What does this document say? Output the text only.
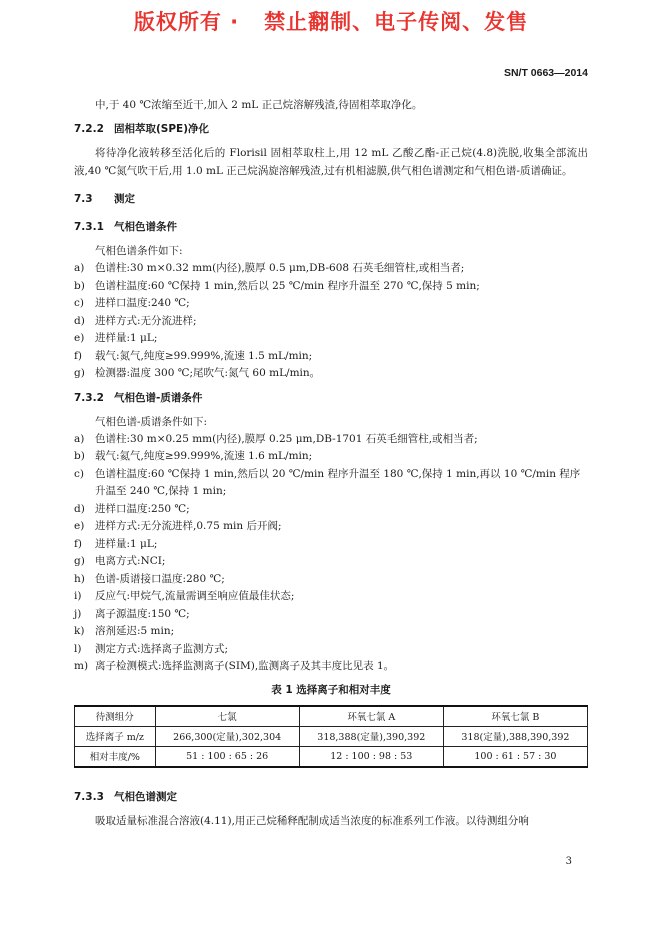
版权所有 ·   禁止翻制、电子传阅、发售
SN/T 0663—2014

中,于 40 ℃浓缩至近干,加入 2 mL 正己烷溶解残渣,待固相萃取净化。

7.2.2 固相萃取(SPE)净化

将待净化液转移至活化后的 Florisil 固相萃取柱上,用 12 mL 乙酸乙酯-正己烷(4.8)洗脱,收集全部流出液,40 ℃氮气吹干后,用 1.0 mL 正己烷涡旋溶解残渣,过有机相滤膜,供气相色谱测定和气相色谱-质谱确证。

7.3 测定

7.3.1 气相色谱条件

气相色谱条件如下:

a)	色谱柱:30 m×0.32 mm(内径),膜厚 0.5 μm,DB-608 石英毛细管柱,或相当者;
b) 色谱柱温度:60 ℃保持 1 min,然后以 25 ℃/min 程序升温至 270 ℃,保持 5 min;
c)	进样口温度:240 ℃;
d) 进样方式:无分流进样;
e)	进样量:1 μL;
f)	载气:氮气,纯度≥99.999%,流速 1.5 mL/min;
g) 检测器:温度 300 ℃;尾吹气:氮气 60 mL/min。

7.3.2 气相色谱-质谱条件

气相色谱-质谱条件如下:

a)	色谱柱:30 m×0.25 mm(内径),膜厚 0.25 μm,DB-1701 石英毛细管柱,或相当者;
b) 载气:氦气,纯度≥99.999%,流速 1.6 mL/min;
c)	色谱柱温度:60 ℃保持 1 min,然后以 20 ℃/min 程序升温至 180 ℃,保持 1 min,再以 10 ℃/min 程序升温至 240 ℃,保持 1 min;
d) 进样口温度:250 ℃;
e)	进样方式:无分流进样,0.75 min 后开阀;
f)	进样量:1 μL;
g) 电离方式:NCI;
h) 色谱-质谱接口温度:280 ℃;
i)	反应气:甲烷气,流量需调至响应值最佳状态;
j)	离子源温度:150 ℃;
k)	溶剂延迟:5 min;
l)	测定方式:选择离子监测方式;
m) 离子检测模式:选择监测离子(SIM),监测离子及其丰度比见表 1。
表 1 选择离子和相对丰度
待测组分	七氯	环氧七氯 A	环氧七氯 B
选择离子 m/z	266,300(定量),302,304	318,388(定量),390,392	318(定量),388,390,392
相对丰度/%	51 : 100 : 65 : 26	12 : 100 : 98 : 53	100 : 61 : 57 : 30

7.3.3 气相色谱测定

吸取适量标准混合溶液(4.11),用正己烷稀释配制成适当浓度的标准系列工作液。以待测组分响

3
